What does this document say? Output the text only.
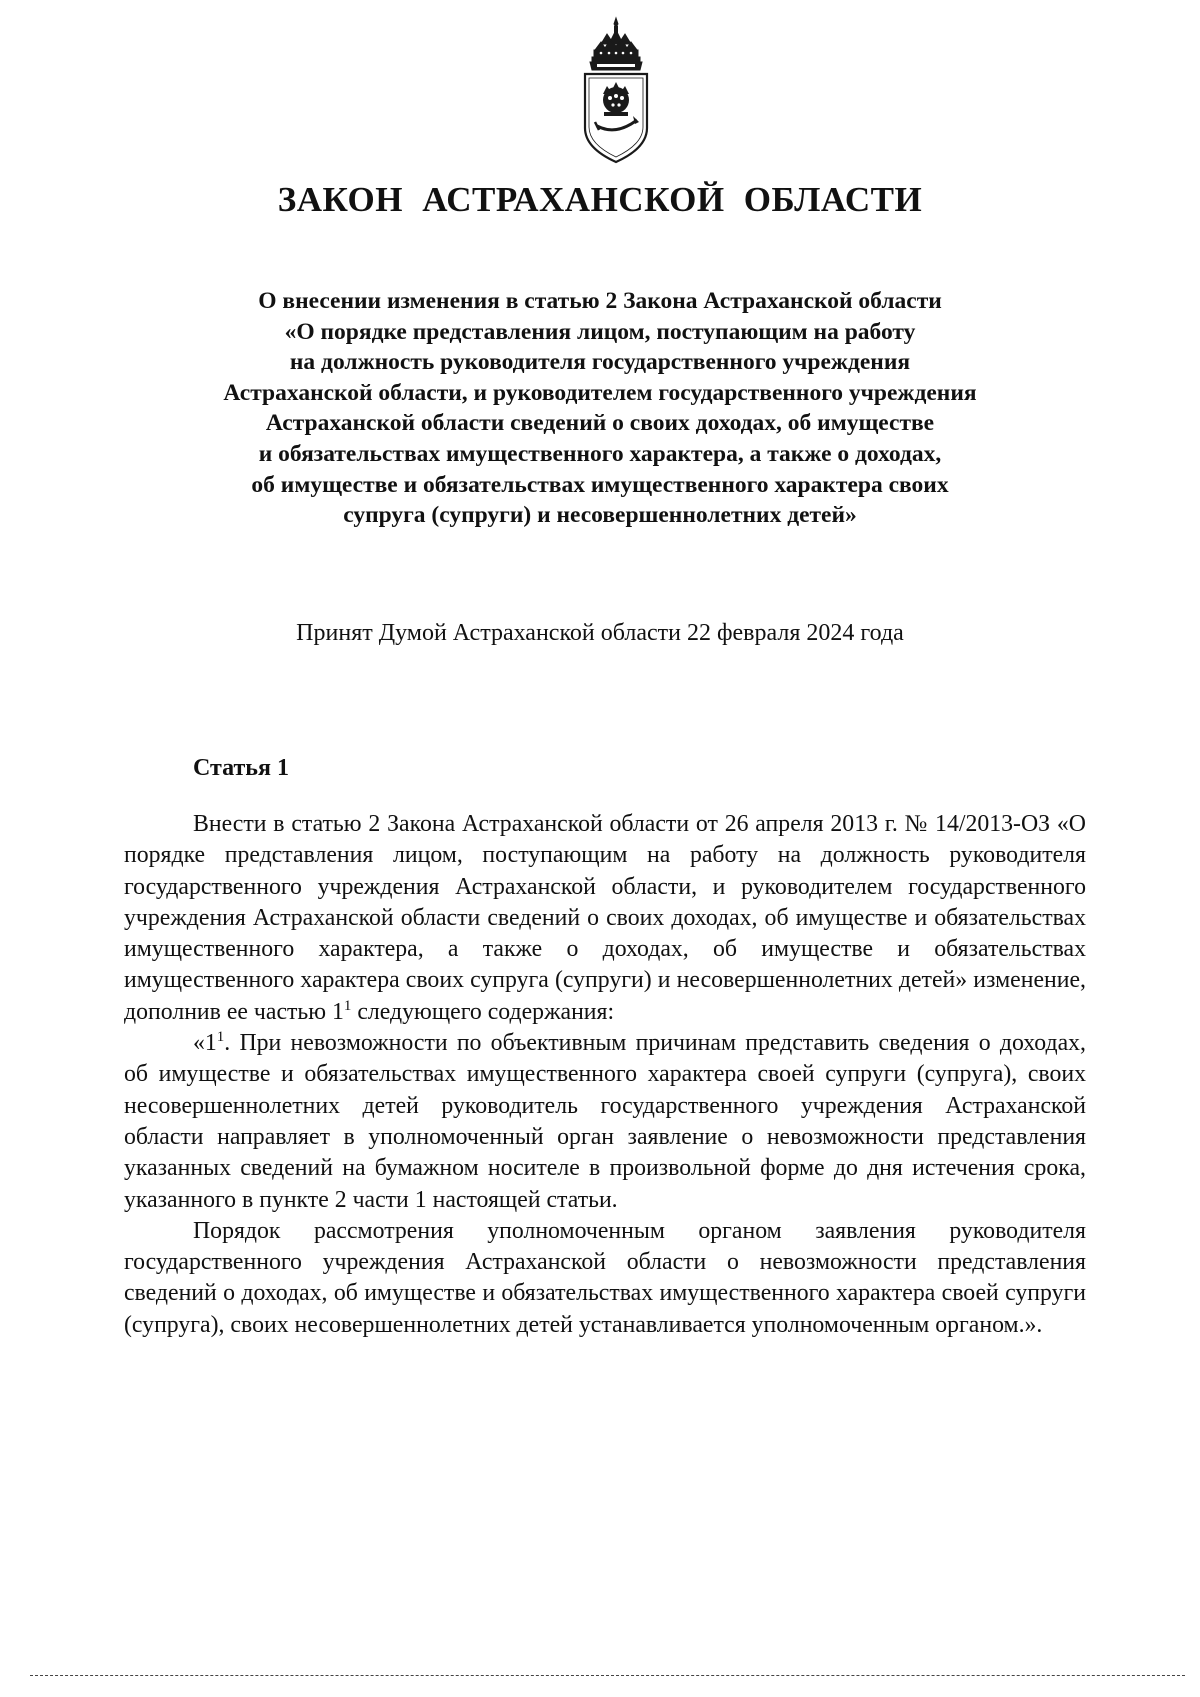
ЗАКОН АСТРАХАНСКОЙ ОБЛАСТИ
О внесении изменения в статью 2 Закона Астраханской области
«О порядке представления лицом, поступающим на работу
на должность руководителя государственного учреждения
Астраханской области, и руководителем государственного учреждения
Астраханской области сведений о своих доходах, об имуществе
и обязательствах имущественного характера, а также о доходах,
об имуществе и обязательствах имущественного характера своих
супруга (супруги) и несовершеннолетних детей»
Принят Думой Астраханской области 22 февраля 2024 года
Статья 1

Внести в статью 2 Закона Астраханской области от 26 апреля 2013 г. № 14/2013-ОЗ «О порядке представления лицом, поступающим на работу на должность руководителя государственного учреждения Астраханской области, и руководителем государственного учреждения Астраханской области сведений о своих доходах, об имуществе и обязательствах имущественного характера, а также о доходах, об имуществе и обязательствах имущественного характера своих супруга (супруги) и несовершеннолетних детей» изменение, дополнив ее частью $1^1$ следующего содержания:

«$1^1$. При невозможности по объективным причинам представить сведения о доходах, об имуществе и обязательствах имущественного характера своей супруги (супруга), своих несовершеннолетних детей руководитель государственного учреждения Астраханской области направляет в уполномоченный орган заявление о невозможности представления указанных сведений на бумажном носителе в произвольной форме до дня истечения срока, указанного в пункте 2 части 1 настоящей статьи.

Порядок рассмотрения уполномоченным органом заявления руководителя государственного учреждения Астраханской области о невозможности представления сведений о доходах, об имуществе и обязательствах имущественного характера своей супруги (супруга), своих несовершеннолетних детей устанавливается уполномоченным органом.».
